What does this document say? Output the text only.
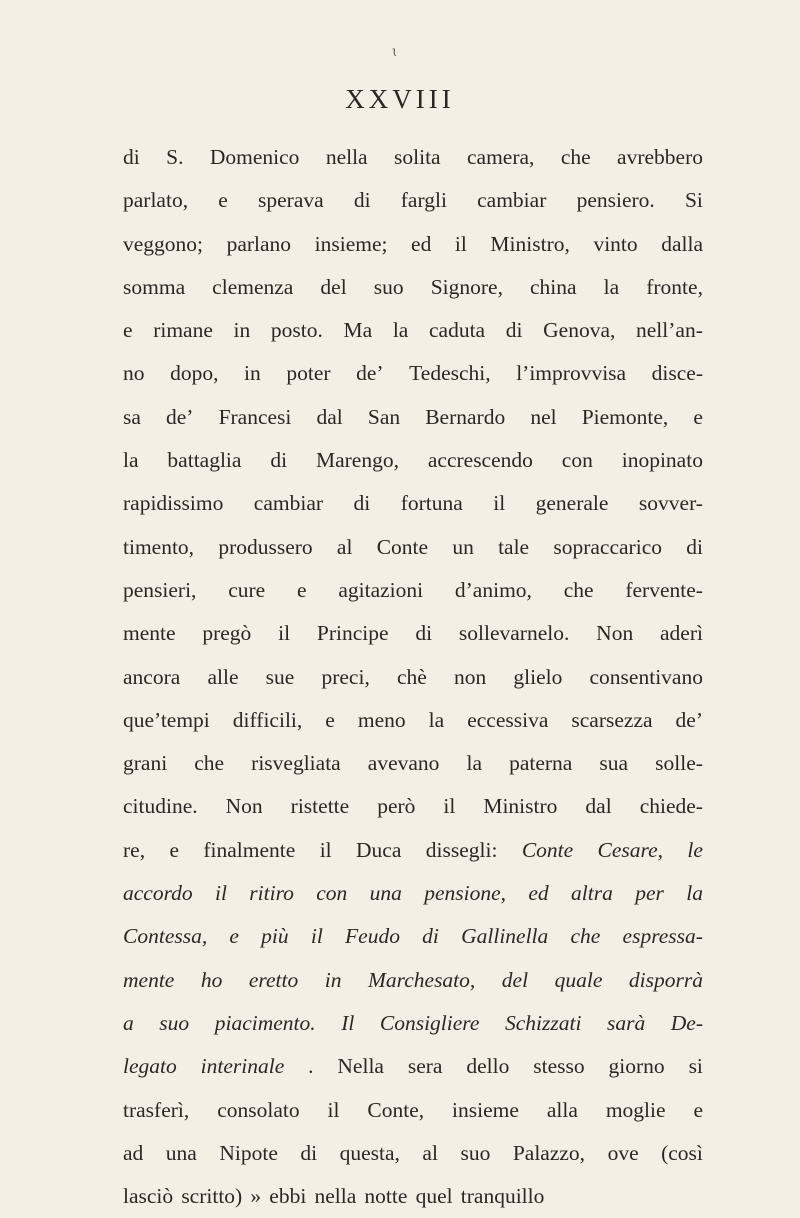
ɩ
XXVIII
di S. Domenico nella solita camera, che avrebbero
parlato, e sperava di fargli cambiar pensiero. Si
veggono; parlano insieme; ed il Ministro, vinto dalla
somma clemenza del suo Signore, china la fronte,
e rimane in posto. Ma la caduta di Genova, nell’an-
no dopo, in poter de’ Tedeschi, l’improvvisa disce-
sa de’ Francesi dal San Bernardo nel Piemonte, e
la battaglia di Marengo, accrescendo con inopinato
rapidissimo cambiar di fortuna il generale sovver-
timento, produssero al Conte un tale sopraccarico di
pensieri, cure e agitazioni d’animo, che fervente-
mente pregò il Principe di sollevarnelo. Non aderì
ancora alle sue preci, chè non glielo consentivano
que’tempi difficili, e meno la eccessiva scarsezza de’
grani che risvegliata avevano la paterna sua solle-
citudine. Non ristette però il Ministro dal chiede-
re, e finalmente il Duca dissegli: Conte Cesare, le
accordo il ritiro con una pensione, ed altra per la
Contessa, e più il Feudo di Gallinella che espressa-
mente ho eretto in Marchesato, del quale disporrà
a suo piacimento. Il Consigliere Schizzati sarà De-
legato interinale . Nella sera dello stesso giorno si
trasferì, consolato il Conte, insieme alla moglie e
ad una Nipote di questa, al suo Palazzo, ove (così
lasciò scritto) » ebbi nella notte quel tranquillo
